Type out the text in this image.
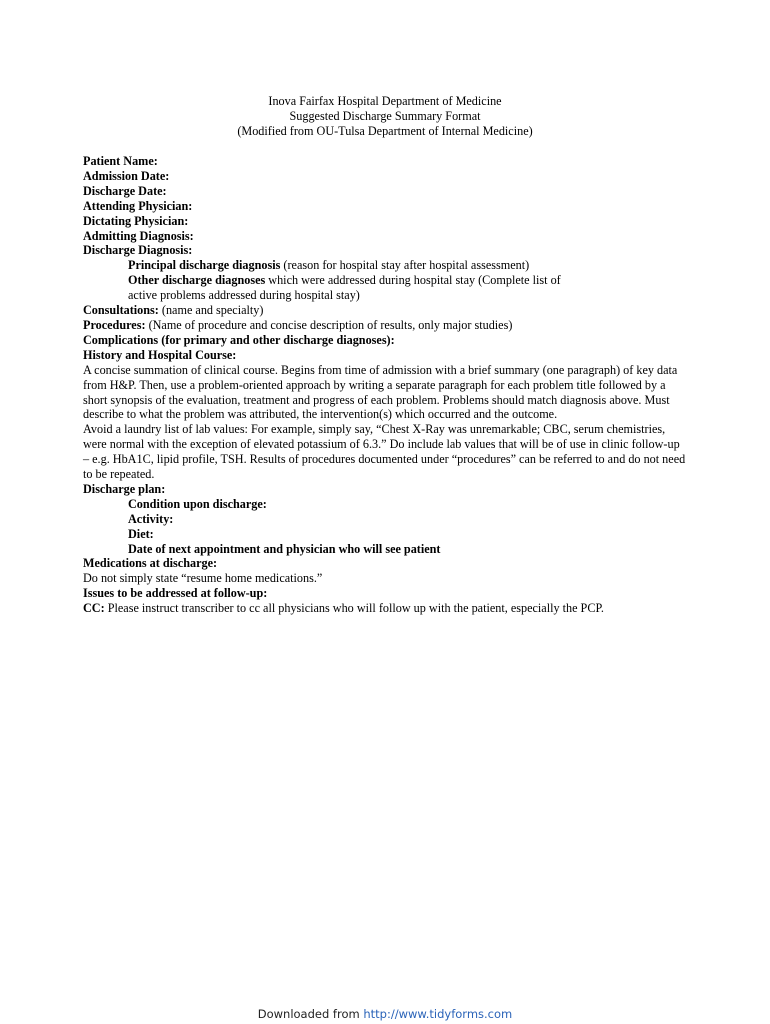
Inova Fairfax Hospital Department of Medicine
Suggested Discharge Summary Format
(Modified from OU-Tulsa Department of Internal Medicine)
Patient Name:
Admission Date:
Discharge Date:
Attending Physician:
Dictating Physician:
Admitting Diagnosis:
Discharge Diagnosis:
Principal discharge diagnosis (reason for hospital stay after hospital assessment)
Other discharge diagnoses which were addressed during hospital stay (Complete list of
active problems addressed during hospital stay)
Consultations: (name and specialty)
Procedures: (Name of procedure and concise description of results, only major studies)
Complications (for primary and other discharge diagnoses):
History and Hospital Course:
A concise summation of clinical course. Begins from time of admission with a brief summary (one paragraph) of key data from H&P. Then, use a problem-oriented approach by writing a separate paragraph for each problem title followed by a short synopsis of the evaluation, treatment and progress of each problem. Problems should match diagnosis above. Must describe to what the problem was attributed, the intervention(s) which occurred and the outcome.
Avoid a laundry list of lab values: For example, simply say, “Chest X-Ray was unremarkable; CBC, serum chemistries, were normal with the exception of elevated potassium of 6.3.” Do include lab values that will be of use in clinic follow-up – e.g. HbA1C, lipid profile, TSH. Results of procedures documented under “procedures” can be referred to and do not need to be repeated.
Discharge plan:
Condition upon discharge:
Activity:
Diet:
Date of next appointment and physician who will see patient
Medications at discharge:
Do not simply state “resume home medications.”
Issues to be addressed at follow-up:
CC: Please instruct transcriber to cc all physicians who will follow up with the patient, especially the PCP.
Downloaded from http://www.tidyforms.com
